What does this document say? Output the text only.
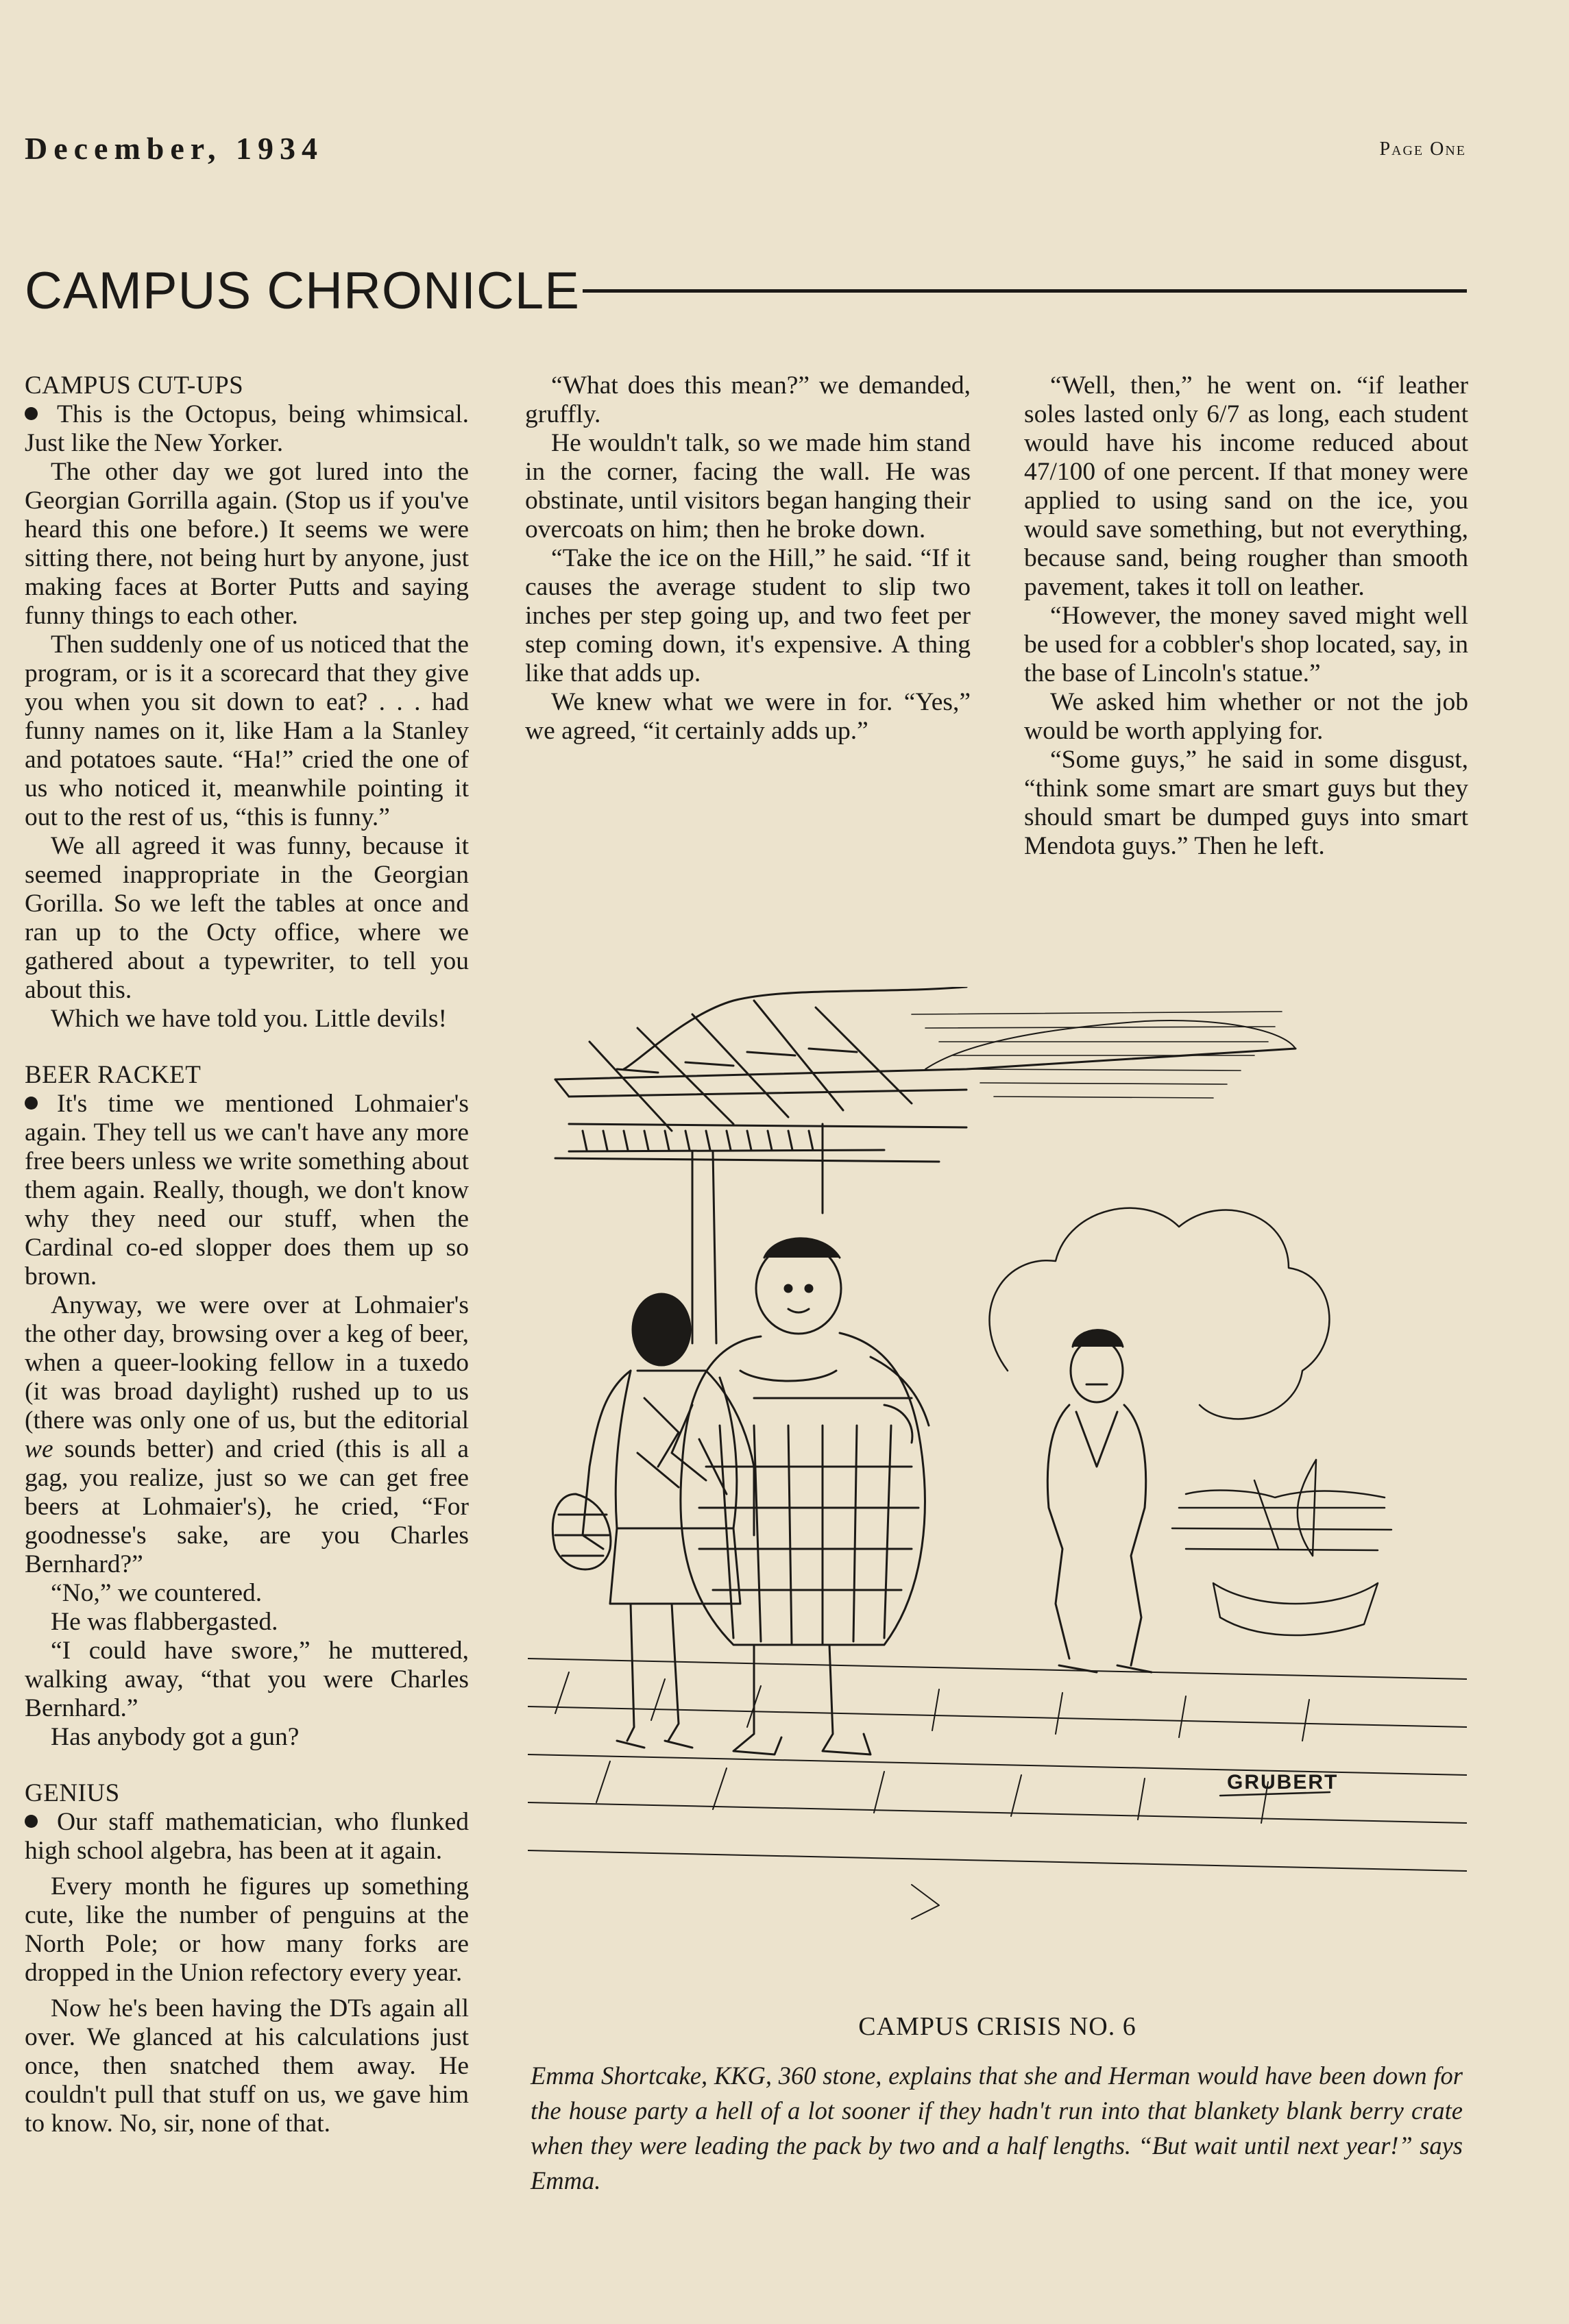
December, 1934	Page One
CAMPUS CHRONICLE
CAMPUS CUT-UPS

This is the Octopus, being whimsical. Just like the New Yorker.

The other day we got lured into the Georgian Gorrilla again. (Stop us if you've heard this one before.) It seems we were sitting there, not being hurt by anyone, just making faces at Borter Putts and saying funny things to each other.

Then suddenly one of us noticed that the program, or is it a scorecard that they give you when you sit down to eat? . . . had funny names on it, like Ham a la Stanley and potatoes saute. “Ha!” cried the one of us who noticed it, meanwhile pointing it out to the rest of us, “this is funny.”

We all agreed it was funny, because it seemed inappropriate in the Georgian Gorilla. So we left the tables at once and ran up to the Octy office, where we gathered about a typewriter, to tell you about this.

Which we have told you. Little devils!

BEER RACKET

It's time we mentioned Lohmaier's again. They tell us we can't have any more free beers unless we write something about them again. Really, though, we don't know why they need our stuff, when the Cardinal co-ed slopper does them up so brown.

Anyway, we were over at Lohmaier's the other day, browsing over a keg of beer, when a queer-looking fellow in a tuxedo (it was broad daylight) rushed up to us (there was only one of us, but the editorial we sounds better) and cried (this is all a gag, you realize, just so we can get free beers at Lohmaier's), he cried, “For goodnesse's sake, are you Charles Bernhard?”

“No,” we countered.

He was flabbergasted.

“I could have swore,” he muttered, walking away, “that you were Charles Bernhard.”

Has anybody got a gun?

GENIUS

Our staff mathematician, who flunked high school algebra, has been at it again.

Every month he figures up something cute, like the number of penguins at the North Pole; or how many forks are dropped in the Union refectory every year.

Now he's been having the DTs again all over. We glanced at his calculations just once, then snatched them away. He couldn't pull that stuff on us, we gave him to know. No, sir, none of that.

“What does this mean?” we demanded, gruffly.

He wouldn't talk, so we made him stand in the corner, facing the wall. He was obstinate, until visitors began hanging their overcoats on him; then he broke down.

“Take the ice on the Hill,” he said. “If it causes the average student to slip two inches per step going up, and two feet per step coming down, it's expensive. A thing like that adds up.

We knew what we were in for. “Yes,” we agreed, “it certainly adds up.”

“Well, then,” he went on. “if leather soles lasted only 6/7 as long, each student would have his income reduced about 47/100 of one percent. If that money were applied to using sand on the ice, you would save something, but not everything, because sand, being rougher than smooth pavement, takes it toll on leather.

“However, the money saved might well be used for a cobbler's shop located, say, in the base of Lincoln's statue.”

We asked him whether or not the job would be worth applying for.

“Some guys,” he said in some disgust, “think some smart are smart guys but they should smart be dumped guys into smart Mendota guys.” Then he left.

GRUBERT
CAMPUS CRISIS NO. 6
Emma Shortcake, KKG, 360 stone, explains that she and Herman would have been down for the house party a hell of a lot sooner if they hadn't run into that blankety blank berry crate when they were leading the pack by two and a half lengths. “But wait until next year!” says Emma.
